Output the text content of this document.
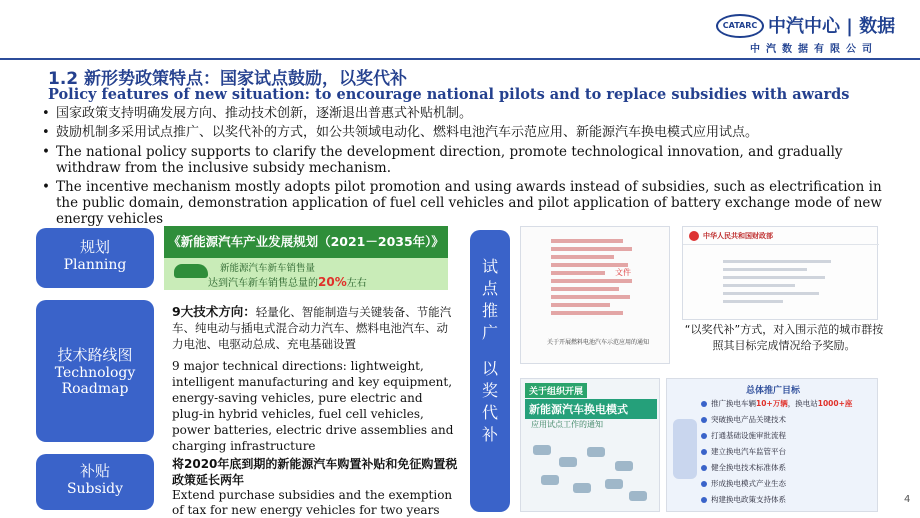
CATARC 中汽中心 | 数据
中汽数据有限公司
1.2 新形势政策特点：国家试点鼓励，以奖代补
Policy features of new situation: to encourage national pilots and to replace subsidies with awards
• 国家政策支持明确发展方向、推动技术创新，逐渐退出普惠式补贴机制。
• 鼓励机制多采用试点推广、以奖代补的方式，如公共领域电动化、燃料电池汽车示范应用、新能源汽车换电模式应用试点。
• The national policy supports to clarify the development direction, promote technological innovation, and gradually withdraw from the inclusive subsidy mechanism.
• The incentive mechanism mostly adopts pilot promotion and using awards instead of subsidies, such as electrification in the public domain, demonstration application of fuel cell vehicles and pilot application of battery exchange mode of new energy vehicles
规划
Planning
技术路线图
Technology
Roadmap
补贴
Subsidy
《新能源汽车产业发展规划（2021－2035年）》
新能源汽车新车销售量
达到汽车新车销售总量的20%左右
9大技术方向：轻量化、智能制造与关键装备、节能汽车、纯电动与插电式混合动力汽车、燃料电池汽车、动力电池、电驱动总成、充电基础设置
9 major technical directions: lightweight, intelligent manufacturing and key equipment, energy-saving vehicles, pure electric and plug-in hybrid vehicles, fuel cell vehicles, power batteries, electric drive assemblies and charging infrastructure
将2020年底到期的新能源汽车购置补贴和免征购置税政策延长两年
Extend purchase subsidies and the exemption of tax for new energy vehicles for two years
试
点
推
广
以
奖
代
补
文件
关于开展燃料电池汽车示范应用的通知
中华人民共和国财政部
“以奖代补”方式，对入围示范的城市群按照其目标完成情况给予奖励。
关于组织开展
新能源汽车换电模式
应用试点工作的通知
总体推广目标
推广换电车辆10+万辆，换电站1000+座
突破换电产品关键技术
打通基础设施审批流程
建立换电汽车监管平台
健全换电技术标准体系
形成换电模式产业生态
构建换电政策支持体系	4
